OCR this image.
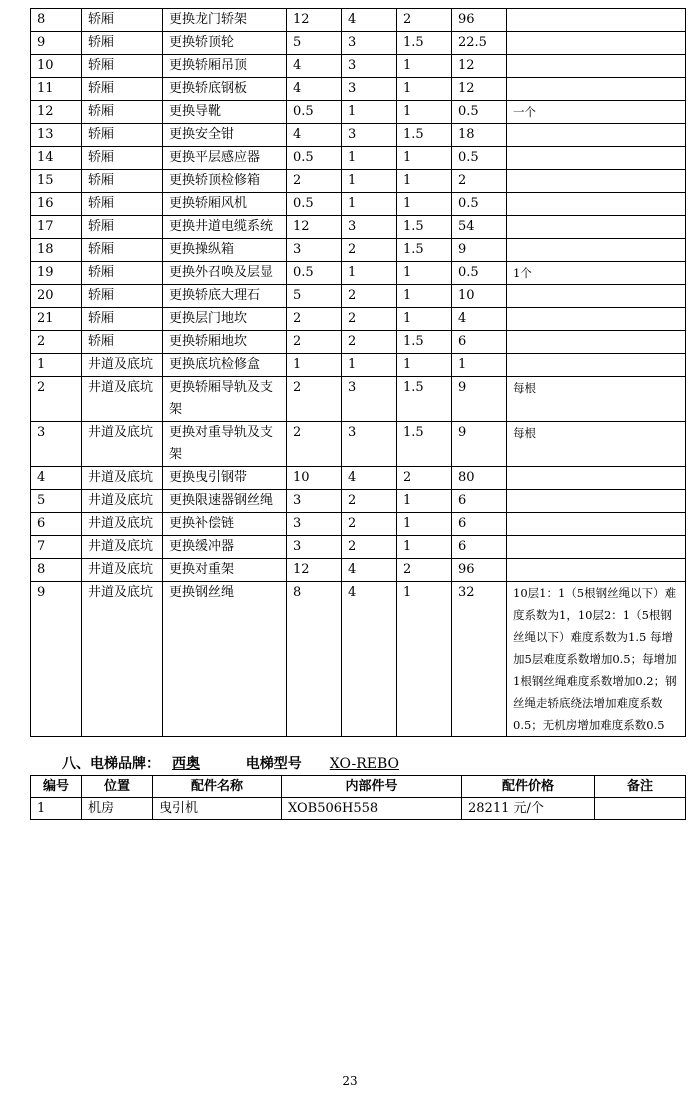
8	轿厢	更换龙门轿架	12	4	2	96	
9	轿厢	更换轿顶轮	5	3	1.5	22.5	
10	轿厢	更换轿厢吊顶	4	3	1	12	
11	轿厢	更换轿底钢板	4	3	1	12	
12	轿厢	更换导靴	0.5	1	1	0.5	一个
13	轿厢	更换安全钳	4	3	1.5	18	
14	轿厢	更换平层感应器	0.5	1	1	0.5	
15	轿厢	更换轿顶检修箱	2	1	1	2	
16	轿厢	更换轿厢风机	0.5	1	1	0.5	
17	轿厢	更换井道电缆系统	12	3	1.5	54	
18	轿厢	更换操纵箱	3	2	1.5	9	
19	轿厢	更换外召唤及层显	0.5	1	1	0.5	1个
20	轿厢	更换轿底大理石	5	2	1	10	
21	轿厢	更换层门地坎	2	2	1	4	
2	轿厢	更换轿厢地坎	2	2	1.5	6	
1	井道及底坑	更换底坑检修盒	1	1	1	1	
2	井道及底坑	更换轿厢导轨及支架	2	3	1.5	9	每根
3	井道及底坑	更换对重导轨及支架	2	3	1.5	9	每根
4	井道及底坑	更换曳引钢带	10	4	2	80	
5	井道及底坑	更换限速器钢丝绳	3	2	1	6	
6	井道及底坑	更换补偿链	3	2	1	6	
7	井道及底坑	更换缓冲器	3	2	1	6	
8	井道及底坑	更换对重架	12	4	2	96	
9	井道及底坑	更换钢丝绳	8	4	1	32	10层1：1（5根钢丝绳以下）难度系数为1，10层2：1（5根钢丝绳以下）难度系数为1.5 每增加5层难度系数增加0.5；每增加1根钢丝绳难度系数增加0.2；钢丝绳走轿底绕法增加难度系数0.5；无机房增加难度系数0.5
八、电梯品牌： 西奥	电梯型号 XO-REBO
编号	位置	配件名称	内部件号	配件价格	备注
1	机房	曳引机	XOB506H558	28211 元/个	
23
